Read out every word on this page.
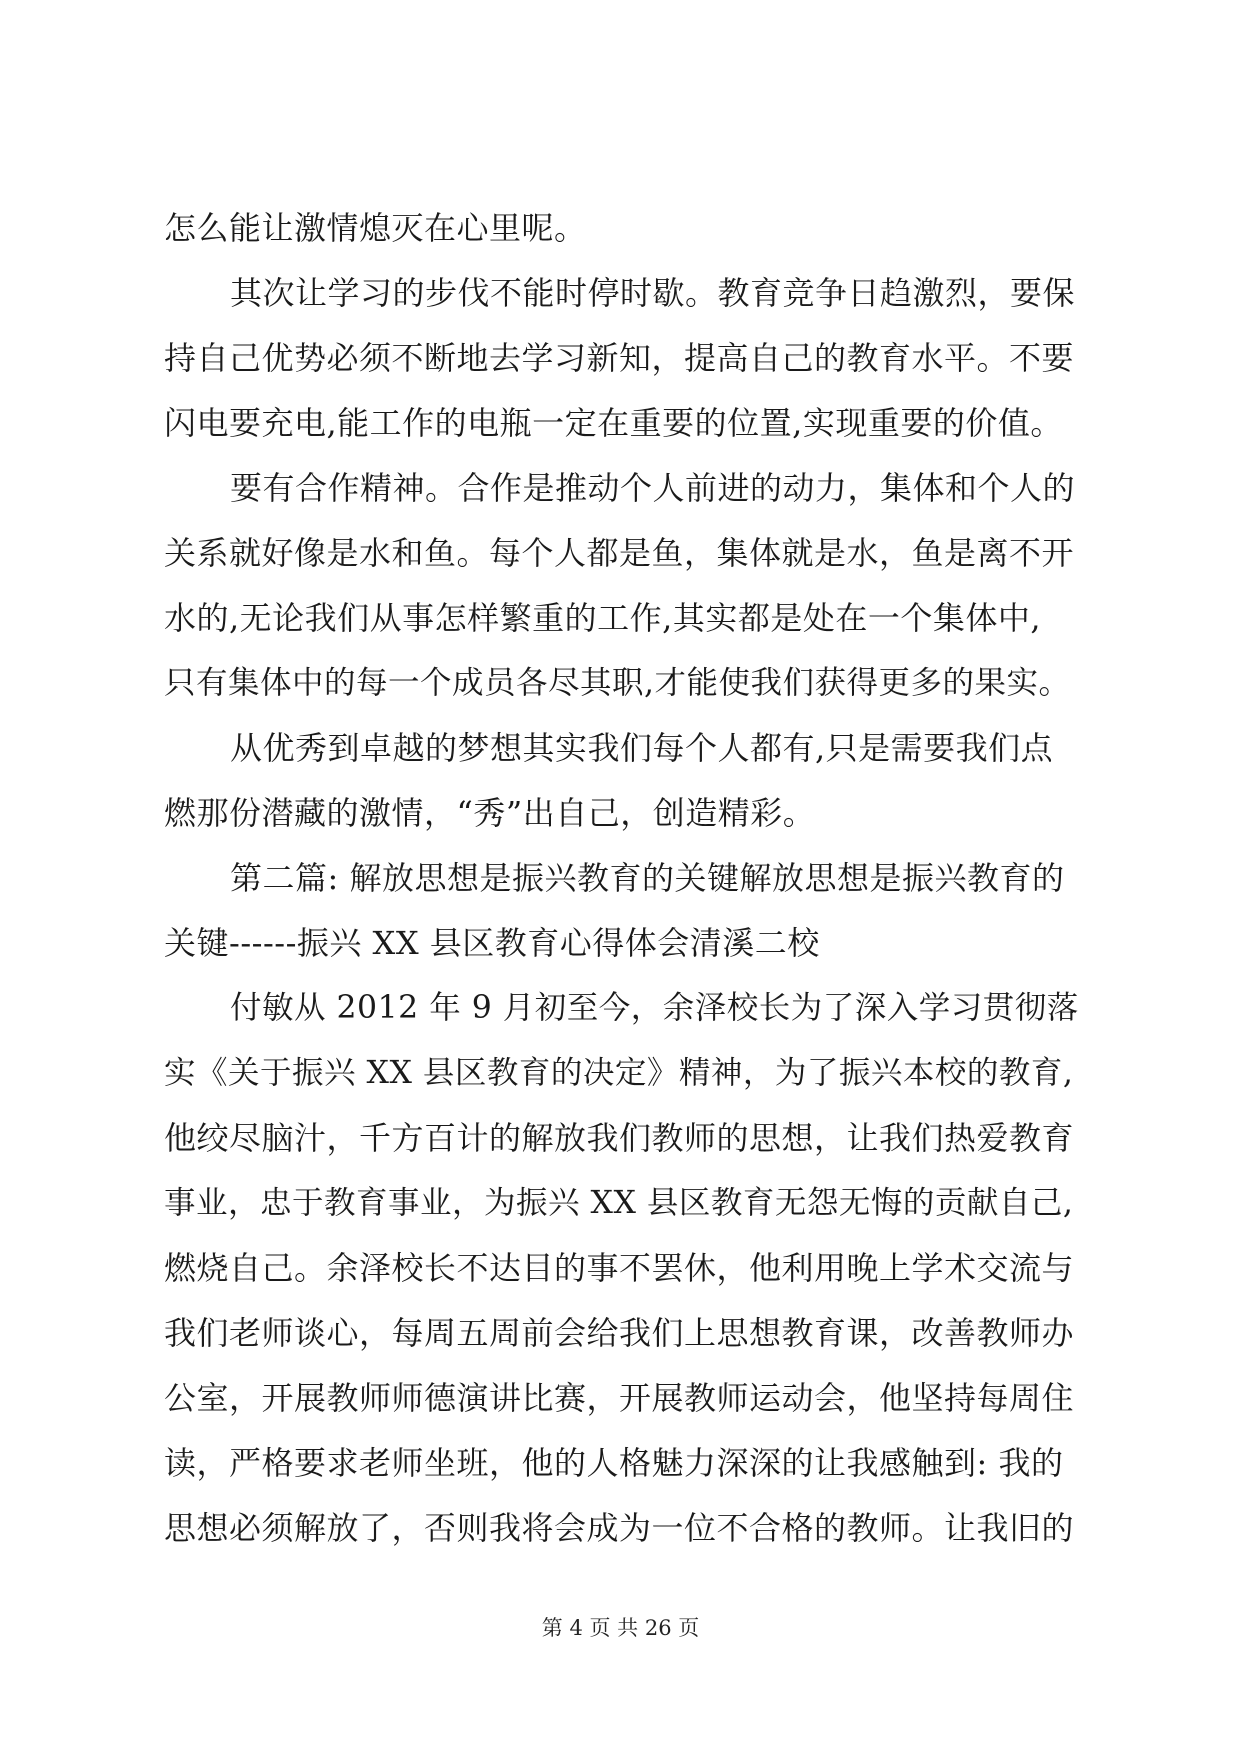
怎么能让激情熄灭在心里呢。
其次让学习的步伐不能时停时歇。教育竞争日趋激烈，要保
持自己优势必须不断地去学习新知，提高自己的教育水平。不要
闪电要充电,能工作的电瓶一定在重要的位置,实现重要的价值。
要有合作精神。合作是推动个人前进的动力，集体和个人的
关系就好像是水和鱼。每个人都是鱼，集体就是水，鱼是离不开
水的,无论我们从事怎样繁重的工作,其实都是处在一个集体中,
只有集体中的每一个成员各尽其职,才能使我们获得更多的果实。
从优秀到卓越的梦想其实我们每个人都有,只是需要我们点
燃那份潜藏的激情，“秀”出自己，创造精彩。
第二篇: 解放思想是振兴教育的关键解放思想是振兴教育的
关键------振兴 XX 县区教育心得体会清溪二校
付敏从 2012 年 9 月初至今，余泽校长为了深入学习贯彻落
实《关于振兴 XX 县区教育的决定》精神，为了振兴本校的教育,
他绞尽脑汁，千方百计的解放我们教师的思想，让我们热爱教育
事业，忠于教育事业，为振兴 XX 县区教育无怨无悔的贡献自己,
燃烧自己。余泽校长不达目的事不罢休，他利用晚上学术交流与
我们老师谈心，每周五周前会给我们上思想教育课，改善教师办
公室，开展教师师德演讲比赛，开展教师运动会，他坚持每周住
读，严格要求老师坐班，他的人格魅力深深的让我感触到: 我的
思想必须解放了，否则我将会成为一位不合格的教师。让我旧的
第 4 页 共 26 页
